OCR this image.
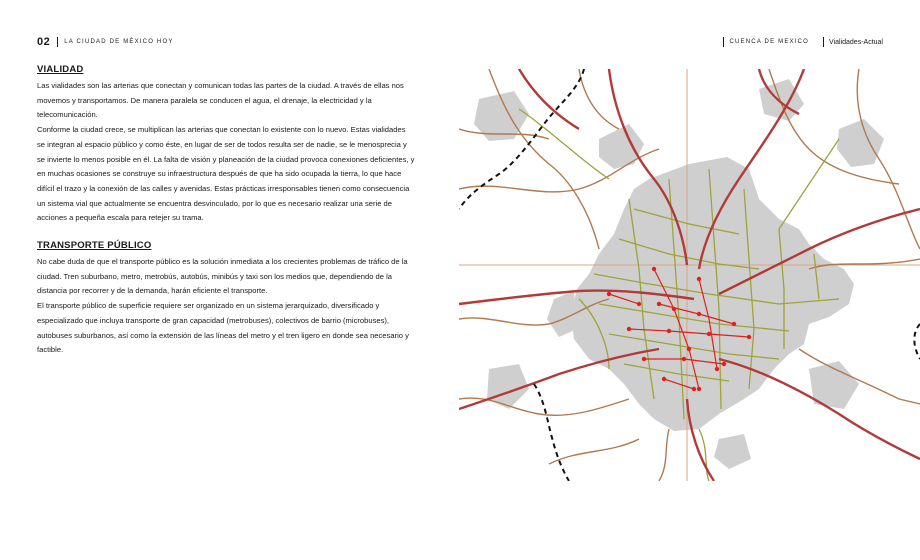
02 LA CIUDAD DE MÉXICO HOY	CUENCA DE MEXICO	Vialidades-Actual
VIALIDAD

Las vialidades son las arterias que conectan y comunican todas las partes de la ciudad. A través de ellas nos movemos y transportamos. De manera paralela se conducen el agua, el drenaje, la electricidad y la telecomunicación.

Conforme la ciudad crece, se multiplican las arterias que conectan lo existente con lo nuevo. Estas vialidades se integran al espacio público y como éste, en lugar de ser de todos resulta ser de nadie, se le menosprecia y se invierte lo menos posible en él. La falta de visión y planeación de la ciudad provoca conexiones deficientes, y en muchas ocasiones se construye su infraestructura después de que ha sido ocupada la tierra, lo que hace difícil el trazo y la conexión de las calles y avenidas. Estas prácticas irresponsables tienen como consecuencia un sistema vial que actualmente se encuentra desvinculado, por lo que es necesario realizar una serie de acciones a pequeña escala para retejer su trama.

TRANSPORTE PÚBLICO

No cabe duda de que el transporte público es la solución inmediata a los crecientes problemas de tráfico de la ciudad. Tren suburbano, metro, metrobús, autobús, minibús y taxi son los medios que, dependiendo de la distancia por recorrer y de la demanda, harán eficiente el transporte.

El transporte público de superficie requiere ser organizado en un sistema jerarquizado, diversificado y especializado que incluya transporte de gran capacidad (metrobuses), colectivos de barrio (microbuses), autobuses suburbanos, así como la extensión de las líneas del metro y el tren ligero en donde sea necesario y factible.
